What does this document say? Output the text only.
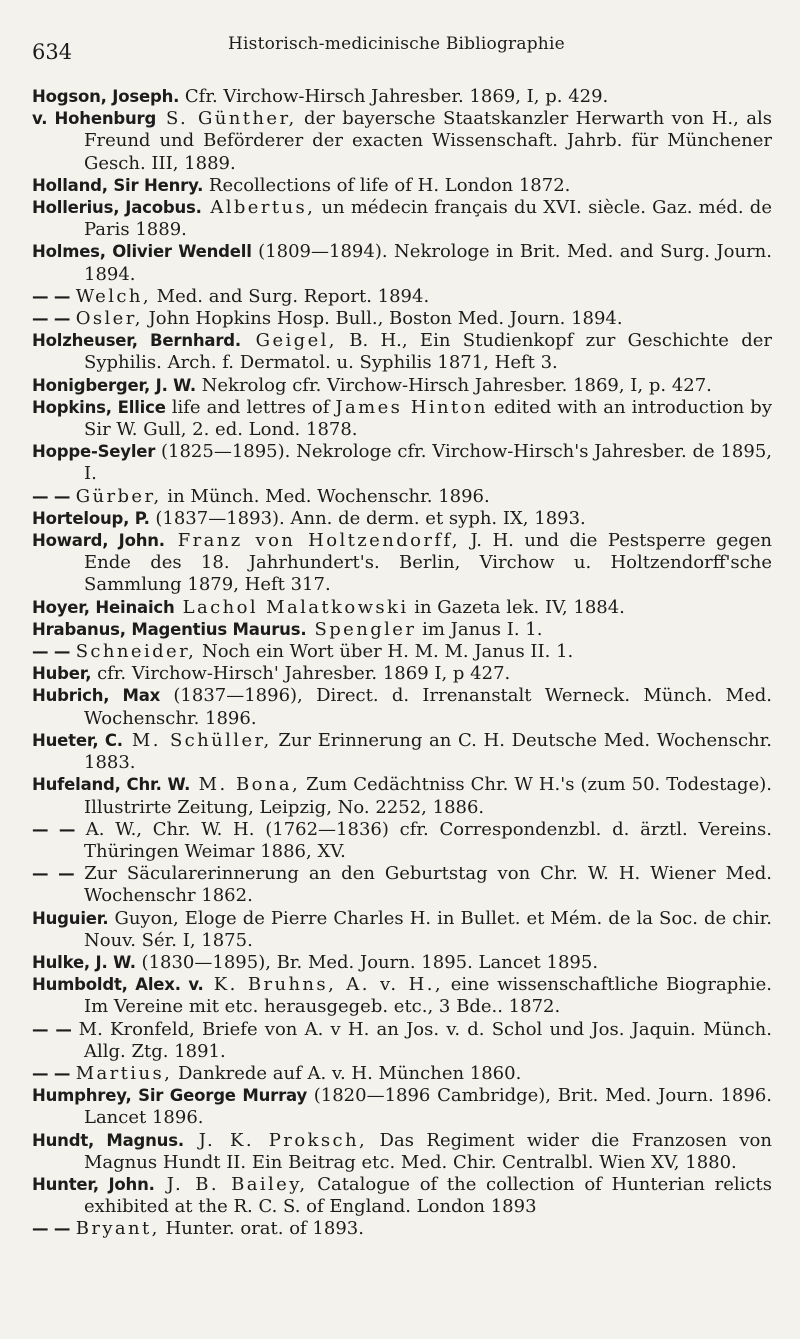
634	Historisch-medicinische Bibliographie
Hogson, Joseph. Cfr. Virchow-Hirsch Jahresber. 1869, I, p. 429.
v. Hohenburg S. Günther, der bayersche Staatskanzler Herwarth von H., als Freund und Beförderer der exacten Wissenschaft. Jahrb. für Münchener Gesch. III, 1889.
Holland, Sir Henry. Recollections of life of H. London 1872.
Hollerius, Jacobus. Albertus, un médecin français du XVI. siècle. Gaz. méd. de Paris 1889.
Holmes, Olivier Wendell (1809—1894). Nekrologe in Brit. Med. and Surg. Journ. 1894.
— — Welch, Med. and Surg. Report. 1894.
— — Osler, John Hopkins Hosp. Bull., Boston Med. Journ. 1894.
Holzheuser, Bernhard. Geigel, B. H., Ein Studienkopf zur Geschichte der Syphilis. Arch. f. Dermatol. u. Syphilis 1871, Heft 3.
Honigberger, J. W. Nekrolog cfr. Virchow-Hirsch Jahresber. 1869, I, p. 427.
Hopkins, Ellice life and lettres of James Hinton edited with an introduction by Sir W. Gull, 2. ed. Lond. 1878.
Hoppe-Seyler (1825—1895). Nekrologe cfr. Virchow-Hirsch's Jahresber. de 1895, I.
— — Gürber, in Münch. Med. Wochenschr. 1896.
Horteloup, P. (1837—1893). Ann. de derm. et syph. IX, 1893.
Howard, John. Franz von Holtzendorff, J. H. und die Pestsperre gegen Ende des 18. Jahrhundert's. Berlin, Virchow u. Holtzendorff'sche Sammlung 1879, Heft 317.
Hoyer, Heinaich Lachol Malatkowski in Gazeta lek. IV, 1884.
Hrabanus, Magentius Maurus. Spengler im Janus I. 1.
— — Schneider, Noch ein Wort über H. M. M. Janus II. 1.
Huber, cfr. Virchow-Hirsch' Jahresber. 1869 I, p 427.
Hubrich, Max (1837—1896), Direct. d. Irrenanstalt Werneck. Münch. Med. Wochenschr. 1896.
Hueter, C. M. Schüller, Zur Erinnerung an C. H. Deutsche Med. Wochenschr. 1883.
Hufeland, Chr. W. M. Bona, Zum Cedächtniss Chr. W H.'s (zum 50. Todestage). Illustrirte Zeitung, Leipzig, No. 2252, 1886.
— — A. W., Chr. W. H. (1762—1836) cfr. Correspondenzbl. d. ärztl. Vereins. Thüringen Weimar 1886, XV.
— — Zur Säcularerinnerung an den Geburtstag von Chr. W. H. Wiener Med. Wochenschr 1862.
Huguier. Guyon, Eloge de Pierre Charles H. in Bullet. et Mém. de la Soc. de chir. Nouv. Sér. I, 1875.
Hulke, J. W. (1830—1895), Br. Med. Journ. 1895. Lancet 1895.
Humboldt, Alex. v. K. Bruhns, A. v. H., eine wissenschaftliche Biographie. Im Vereine mit etc. herausgegeb. etc., 3 Bde.. 1872.
— — M. Kronfeld, Briefe von A. v H. an Jos. v. d. Schol und Jos. Jaquin. Münch. Allg. Ztg. 1891.
— — Martius, Dankrede auf A. v. H. München 1860.
Humphrey, Sir George Murray (1820—1896 Cambridge), Brit. Med. Journ. 1896. Lancet 1896.
Hundt, Magnus. J. K. Proksch, Das Regiment wider die Franzosen von Magnus Hundt II. Ein Beitrag etc. Med. Chir. Centralbl. Wien XV, 1880.
Hunter, John. J. B. Bailey, Catalogue of the collection of Hunterian relicts exhibited at the R. C. S. of England. London 1893
— — Bryant, Hunter. orat. of 1893.
